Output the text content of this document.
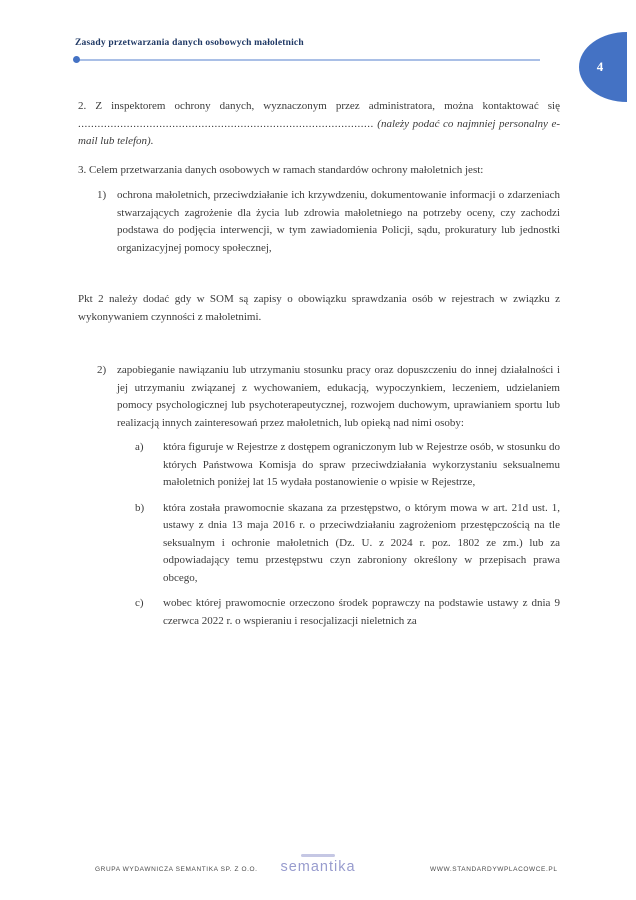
Zasady przetwarzania danych osobowych małoletnich
4

2. Z inspektorem ochrony danych, wyznaczonym przez administratora, można kontaktować się ........................................................................................... (należy podać co najmniej personalny e-mail lub telefon).

3. Celem przetwarzania danych osobowych w ramach standardów ochrony małoletnich jest:

1) ochrona małoletnich, przeciwdziałanie ich krzywdzeniu, dokumentowanie informacji o zdarzeniach stwarzających zagrożenie dla życia lub zdrowia małoletniego na potrzeby oceny, czy zachodzi podstawa do podjęcia interwencji, w tym zawiadomienia Policji, sądu, prokuratury lub jednostki organizacyjnej pomocy społecznej,

Pkt 2 należy dodać gdy w SOM są zapisy o obowiązku sprawdzania osób w rejestrach w związku z wykonywaniem czynności z małoletnimi.

2) zapobieganie nawiązaniu lub utrzymaniu stosunku pracy oraz dopuszczeniu do innej działalności i jej utrzymaniu związanej z wychowaniem, edukacją, wypoczynkiem, leczeniem, udzielaniem pomocy psychologicznej lub psychoterapeutycznej, rozwojem duchowym, uprawianiem sportu lub realizacją innych zainteresowań przez małoletnich, lub opieką nad nimi osoby:
a)	która figuruje w Rejestrze z dostępem ograniczonym lub w Rejestrze osób, w stosunku do których Państwowa Komisja do spraw przeciwdziałania wykorzystaniu seksualnemu małoletnich poniżej lat 15 wydała postanowienie o wpisie w Rejestrze,
b)	która została prawomocnie skazana za przestępstwo, o którym mowa w art. 21d ust. 1, ustawy z dnia 13 maja 2016 r. o przeciwdziałaniu zagrożeniom przestępczością na tle seksualnym i ochronie małoletnich (Dz. U. z 2024 r. poz. 1802 ze zm.) lub za odpowiadający temu przestępstwu czyn zabroniony określony w przepisach prawa obcego,
c)	wobec której prawomocnie orzeczono środek poprawczy na podstawie ustawy z dnia 9 czerwca 2022 r. o wspieraniu i resocjalizacji nieletnich za
GRUPA WYDAWNICZA SEMANTIKA SP. Z O.O.	semantika	WWW.STANDARDYWPLACOWCE.PL
